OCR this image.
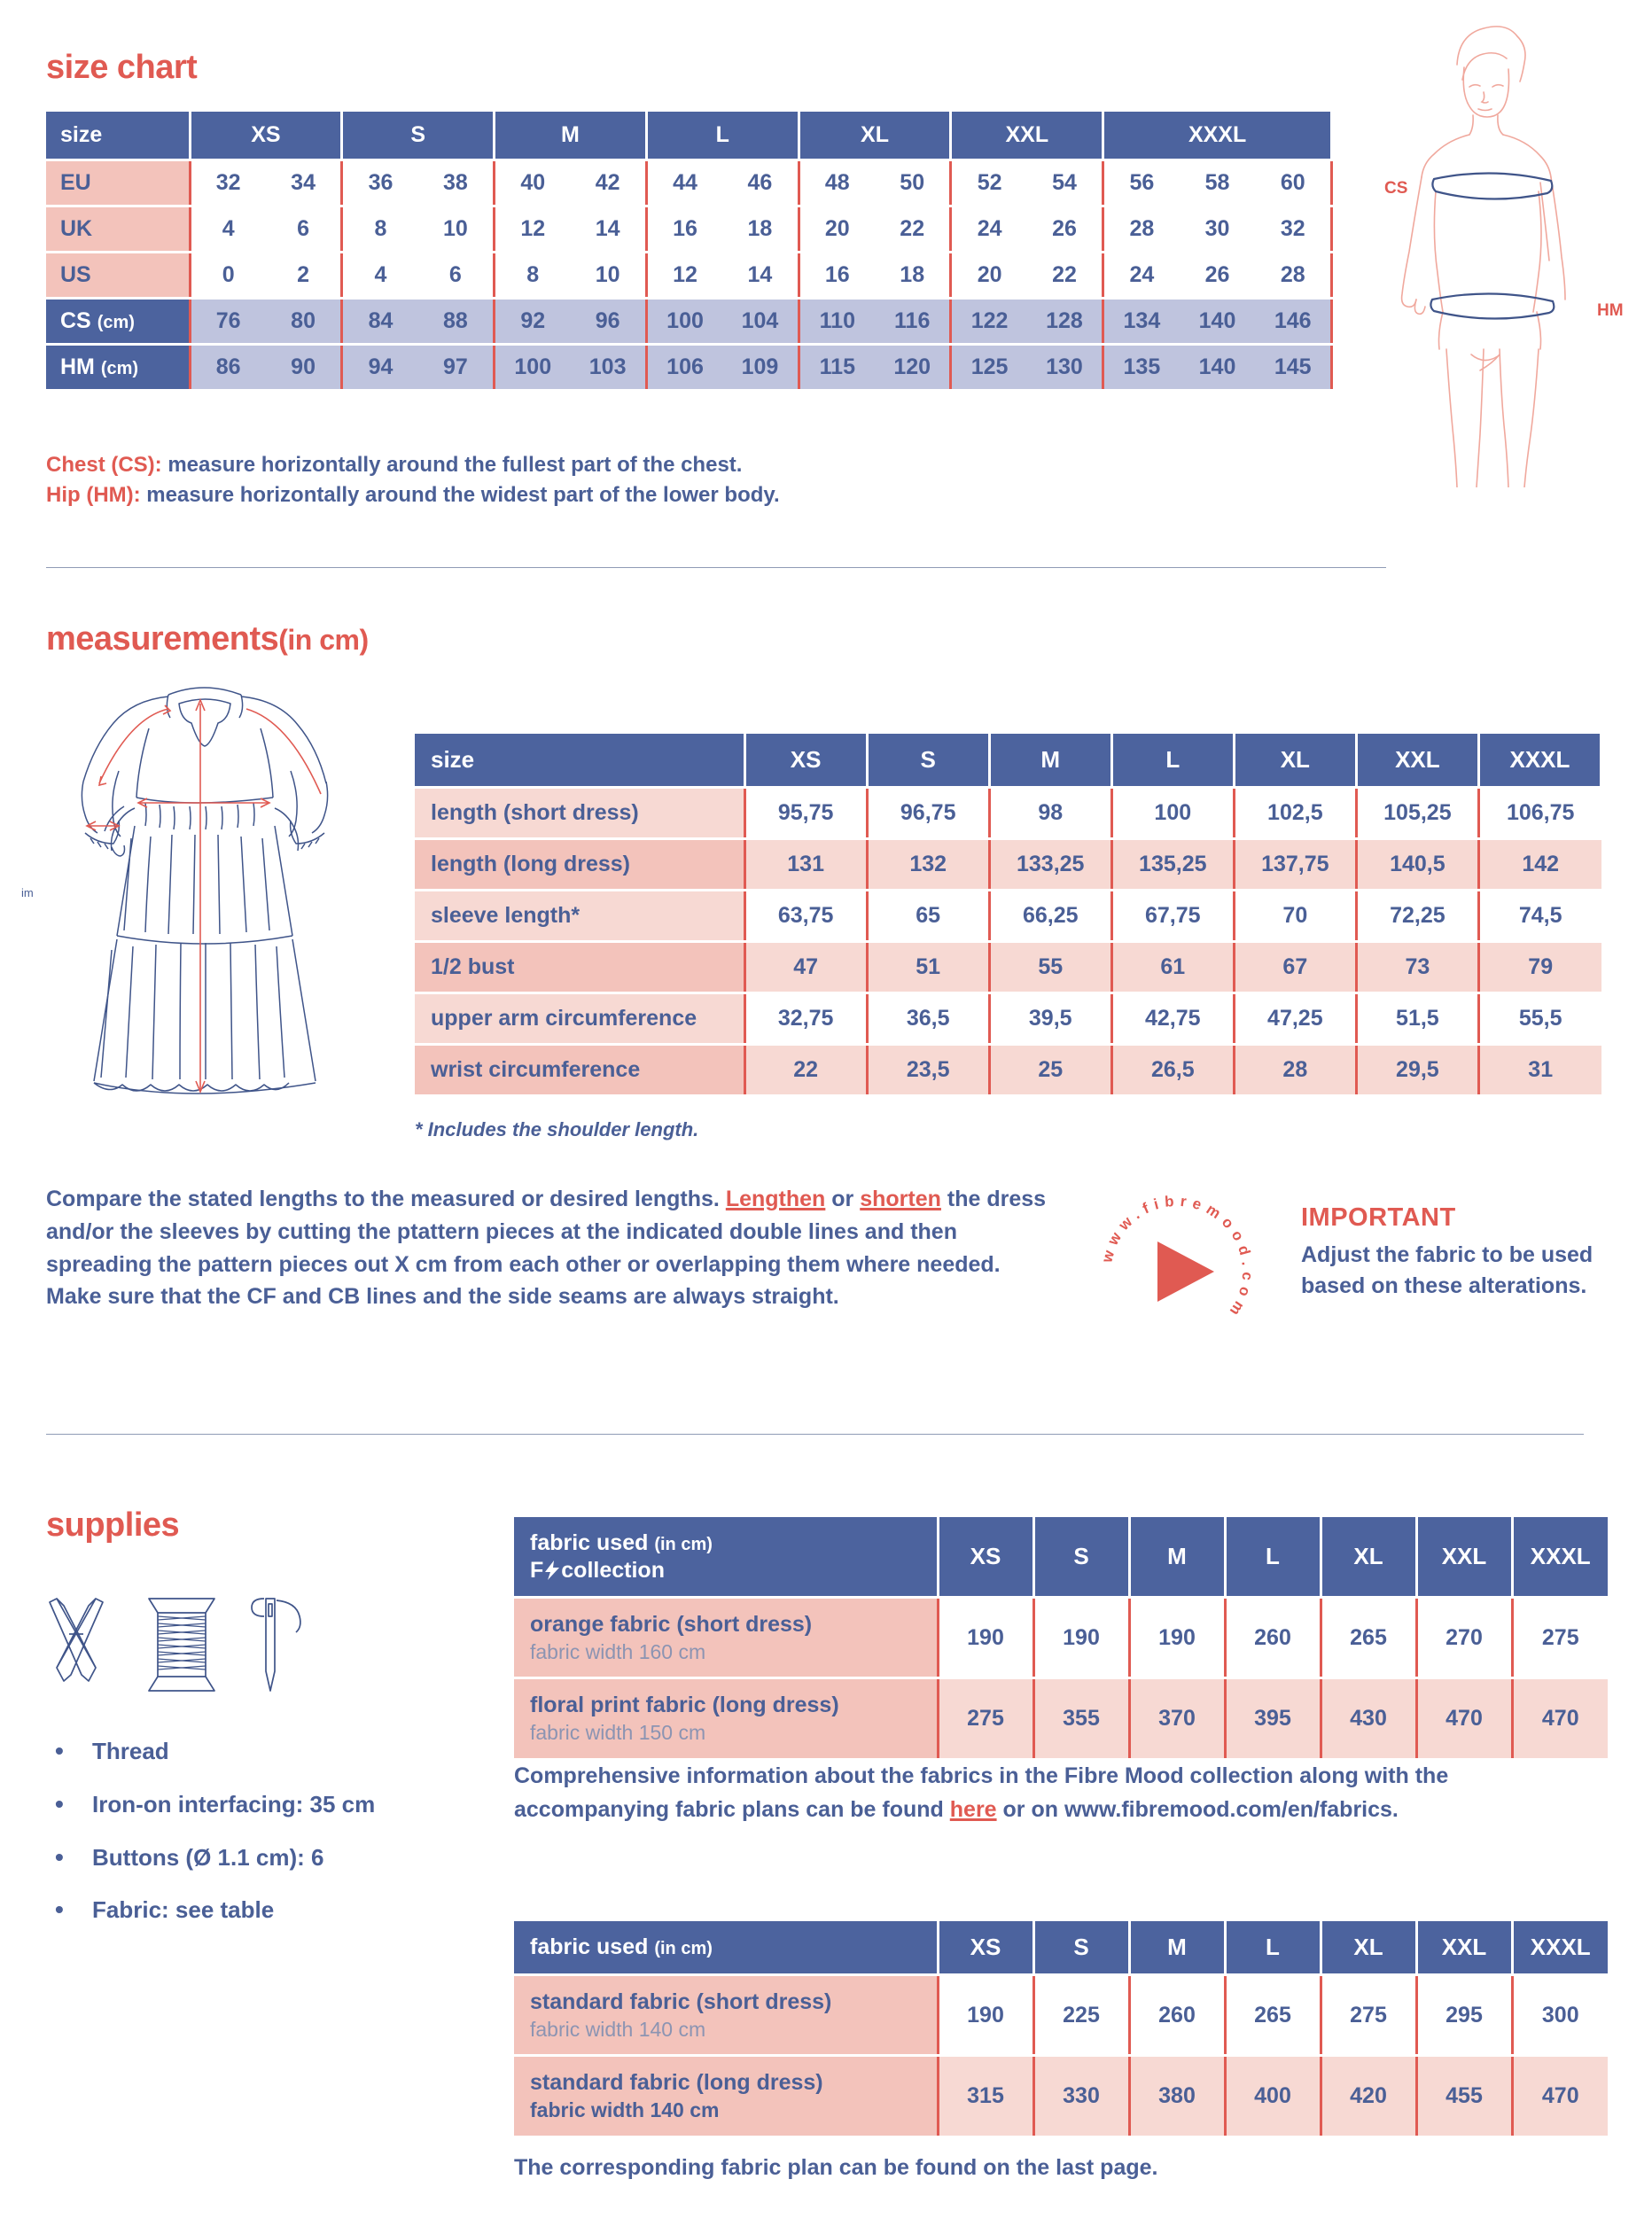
size chart
size	XS		S		M		L		XL		XXL		XXXL		
EU	32	34	36	38	40	42	44	46	48	50	52	54	56	58	60
UK	4	6	8	10	12	14	16	18	20	22	24	26	28	30	32
US	0	2	4	6	8	10	12	14	16	18	20	22	24	26	28
CS (cm)	76	80	84	88	92	96	100	104	110	116	122	128	134	140	146
HM (cm)	86	90	94	97	100	103	106	109	115	120	125	130	135	140	145
Chest (CS): measure horizontally around the fullest part of the chest.
Hip (HM): measure horizontally around the widest part of the lower body.
CS
HM
measurements(in cm)
im
size	XS	S	M	L	XL	XXL	XXXL
length (short dress)	95,75	96,75	98	100	102,5	105,25	106,75
length (long dress)	131	132	133,25	135,25	137,75	140,5	142
sleeve length*	63,75	65	66,25	67,75	70	72,25	74,5
1/2 bust	47	51	55	61	67	73	79
upper arm circumference	32,75	36,5	39,5	42,75	47,25	51,5	55,5
wrist circumference	22	23,5	25	26,5	28	29,5	31
* Includes the shoulder length.
Compare the stated lengths to the measured or desired lengths. Lengthen or shorten the dress and/or the sleeves by cutting the ptattern pieces at the indicated double lines and then spreading the pattern pieces out X cm from each other or overlapping them where needed. Make sure that the CF and CB lines and the side seams are always straight.
www.fibremood.com
IMPORTANT
Adjust the fabric to be used based on these alterations.
supplies
• Thread
• Iron-on interfacing: 35 cm
• Buttons (Ø 1.1 cm): 6
• Fabric: see table
fabric used (in cm)
F collection	XS	S	M	L	XL	XXL	XXXL

orange fabric (short dress)
fabric width 160 cm	190	190	190	260	265	270	275

floral print fabric (long dress)
fabric width 150 cm	275	355	370	395	430	470	470
Comprehensive information about the fabrics in the Fibre Mood collection along with the accompanying fabric plans can be found here or on www.fibremood.com/en/fabrics.
fabric used (in cm)	XS	S	M	L	XL	XXL	XXXL

standard fabric (short dress)
fabric width 140 cm	190	225	260	265	275	295	300

standard fabric (long dress)
fabric width 140 cm	315	330	380	400	420	455	470
The corresponding fabric plan can be found on the last page.
